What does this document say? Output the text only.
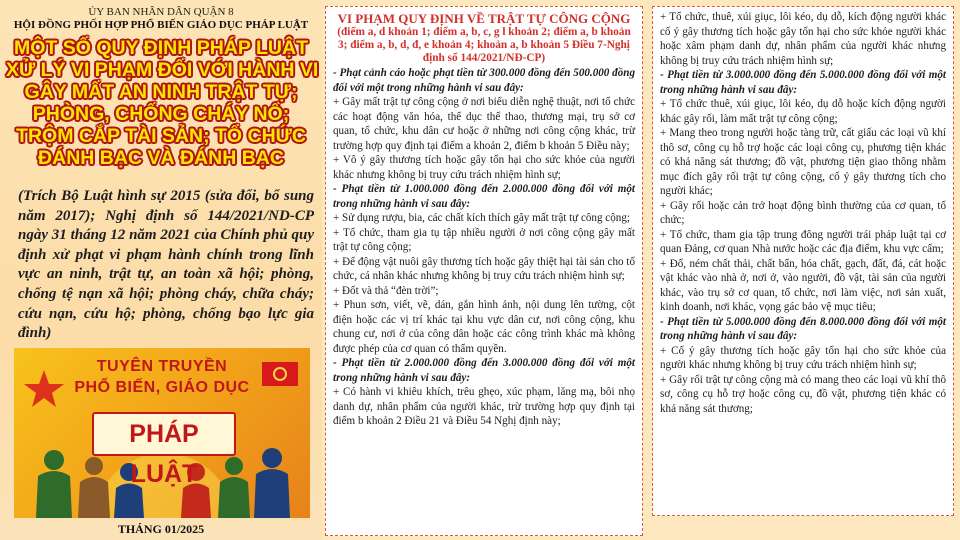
ỦY BAN NHÂN DÂN QUẬN 8
HỘI ĐỒNG PHỐI HỢP PHỔ BIẾN GIÁO DỤC PHÁP LUẬT
MỘT SỐ QUY ĐỊNH PHÁP LUẬT
XỬ LÝ VI PHẠM ĐỐI VỚI HÀNH VI
GÂY MẤT AN NINH TRẬT TỰ;
PHÒNG, CHỐNG CHÁY NỔ;
TRỘM CẮP TÀI SẢN; TỔ CHỨC
ĐÁNH BẠC VÀ ĐÁNH BẠC
(Trích Bộ Luật hình sự 2015 (sửa đổi, bổ sung năm 2017); Nghị định số 144/2021/ND-CP ngày 31 tháng 12 năm 2021 của Chính phủ quy định xử phạt vi phạm hành chính trong lĩnh vực an ninh, trật tự, an toàn xã hội; phòng, chống tệ nạn xã hội; phòng cháy, chữa cháy; cứu nạn, cứu hộ; phòng, chống bạo lực gia đình)
TUYÊN TRUYỀN
PHỔ BIẾN, GIÁO DỤC
PHÁP LUẬT
THÁNG 01/2025
VI PHẠM QUY ĐỊNH VỀ TRẬT TỰ CÔNG CỘNG
(điểm a, d khoản 1; điểm a, b, c, g l khoản 2; điểm a, b khoản 3; điểm a, b, d, đ, e khoản 4; khoản a, b khoản 5 Điều 7-Nghị định số 144/2021/NĐ-CP)

- Phạt cảnh cáo hoặc phạt tiền từ 300.000 đồng đến 500.000 đồng đối với một trong những hành vi sau đây:

+ Gây mất trật tự công cộng ở nơi biểu diễn nghệ thuật, nơi tổ chức các hoạt động văn hóa, thể dục thể thao, thương mại, trụ sở cơ quan, tổ chức, khu dân cư hoặc ở những nơi công cộng khác, trừ trường hợp quy định tại điểm a khoản 2, điểm b khoản 5 Điều này;

+ Vô ý gây thương tích hoặc gây tổn hại cho sức khỏe của người khác nhưng không bị truy cứu trách nhiệm hình sự;

- Phạt tiền từ 1.000.000 đồng đến 2.000.000 đồng đối với một trong những hành vi sau đây:

+ Sử dụng rượu, bia, các chất kích thích gây mất trật tự công cộng;

+ Tổ chức, tham gia tụ tập nhiều người ở nơi công cộng gây mất trật tự công cộng;

+ Để động vật nuôi gây thương tích hoặc gây thiệt hại tài sản cho tổ chức, cá nhân khác nhưng không bị truy cứu trách nhiệm hình sự;

+ Đốt và thả “đèn trời”;

+ Phun sơn, viết, vẽ, dán, gắn hình ảnh, nội dung lên tường, cột điện hoặc các vị trí khác tại khu vực dân cư, nơi công cộng, khu chung cư, nơi ở của công dân hoặc các công trình khác mà không được phép của cơ quan có thẩm quyền.

- Phạt tiền từ 2.000.000 đồng đến 3.000.000 đồng đối với một trong những hành vi sau đây:

+ Có hành vi khiêu khích, trêu ghẹo, xúc phạm, lăng mạ, bôi nhọ danh dự, nhân phẩm của người khác, trừ trường hợp quy định tại điểm b khoản 2 Điều 21 và Điều 54 Nghị định này;

+ Tổ chức, thuê, xúi giục, lôi kéo, dụ dỗ, kích động người khác cố ý gây thương tích hoặc gây tổn hại cho sức khỏe người khác hoặc xâm phạm danh dự, nhân phẩm của người khác nhưng không bị truy cứu trách nhiệm hình sự;

- Phạt tiền từ 3.000.000 đồng đến 5.000.000 đồng đối với một trong những hành vi sau đây:

+ Tổ chức thuê, xúi giục, lôi kéo, dụ dỗ hoặc kích động người khác gây rối, làm mất trật tự công cộng;

+ Mang theo trong người hoặc tàng trữ, cất giấu các loại vũ khí thô sơ, công cụ hỗ trợ hoặc các loại công cụ, phương tiện khác có khả năng sát thương; đồ vật, phương tiện giao thông nhằm mục đích gây rối trật tự công cộng, cố ý gây thương tích cho người khác;

+ Gây rối hoặc cản trở hoạt động bình thường của cơ quan, tổ chức;

+ Tổ chức, tham gia tập trung đông người trái pháp luật tại cơ quan Đảng, cơ quan Nhà nước hoặc các địa điểm, khu vực cấm;

+ Đổ, ném chất thải, chất bẩn, hóa chất, gạch, đất, đá, cát hoặc vật khác vào nhà ở, nơi ở, vào người, đồ vật, tài sản của người khác, vào trụ sở cơ quan, tổ chức, nơi làm việc, nơi sản xuất, kinh doanh, nơi khác, vọng gác bảo vệ mục tiêu;

- Phạt tiền từ 5.000.000 đồng đến 8.000.000 đồng đối với một trong những hành vi sau đây:

+ Cố ý gây thương tích hoặc gây tổn hại cho sức khỏe của người khác nhưng không bị truy cứu trách nhiệm hình sự;

+ Gây rối trật tự công cộng mà có mang theo các loại vũ khí thô sơ, công cụ hỗ trợ hoặc công cụ, đồ vật, phương tiện khác có khả năng sát thương;
